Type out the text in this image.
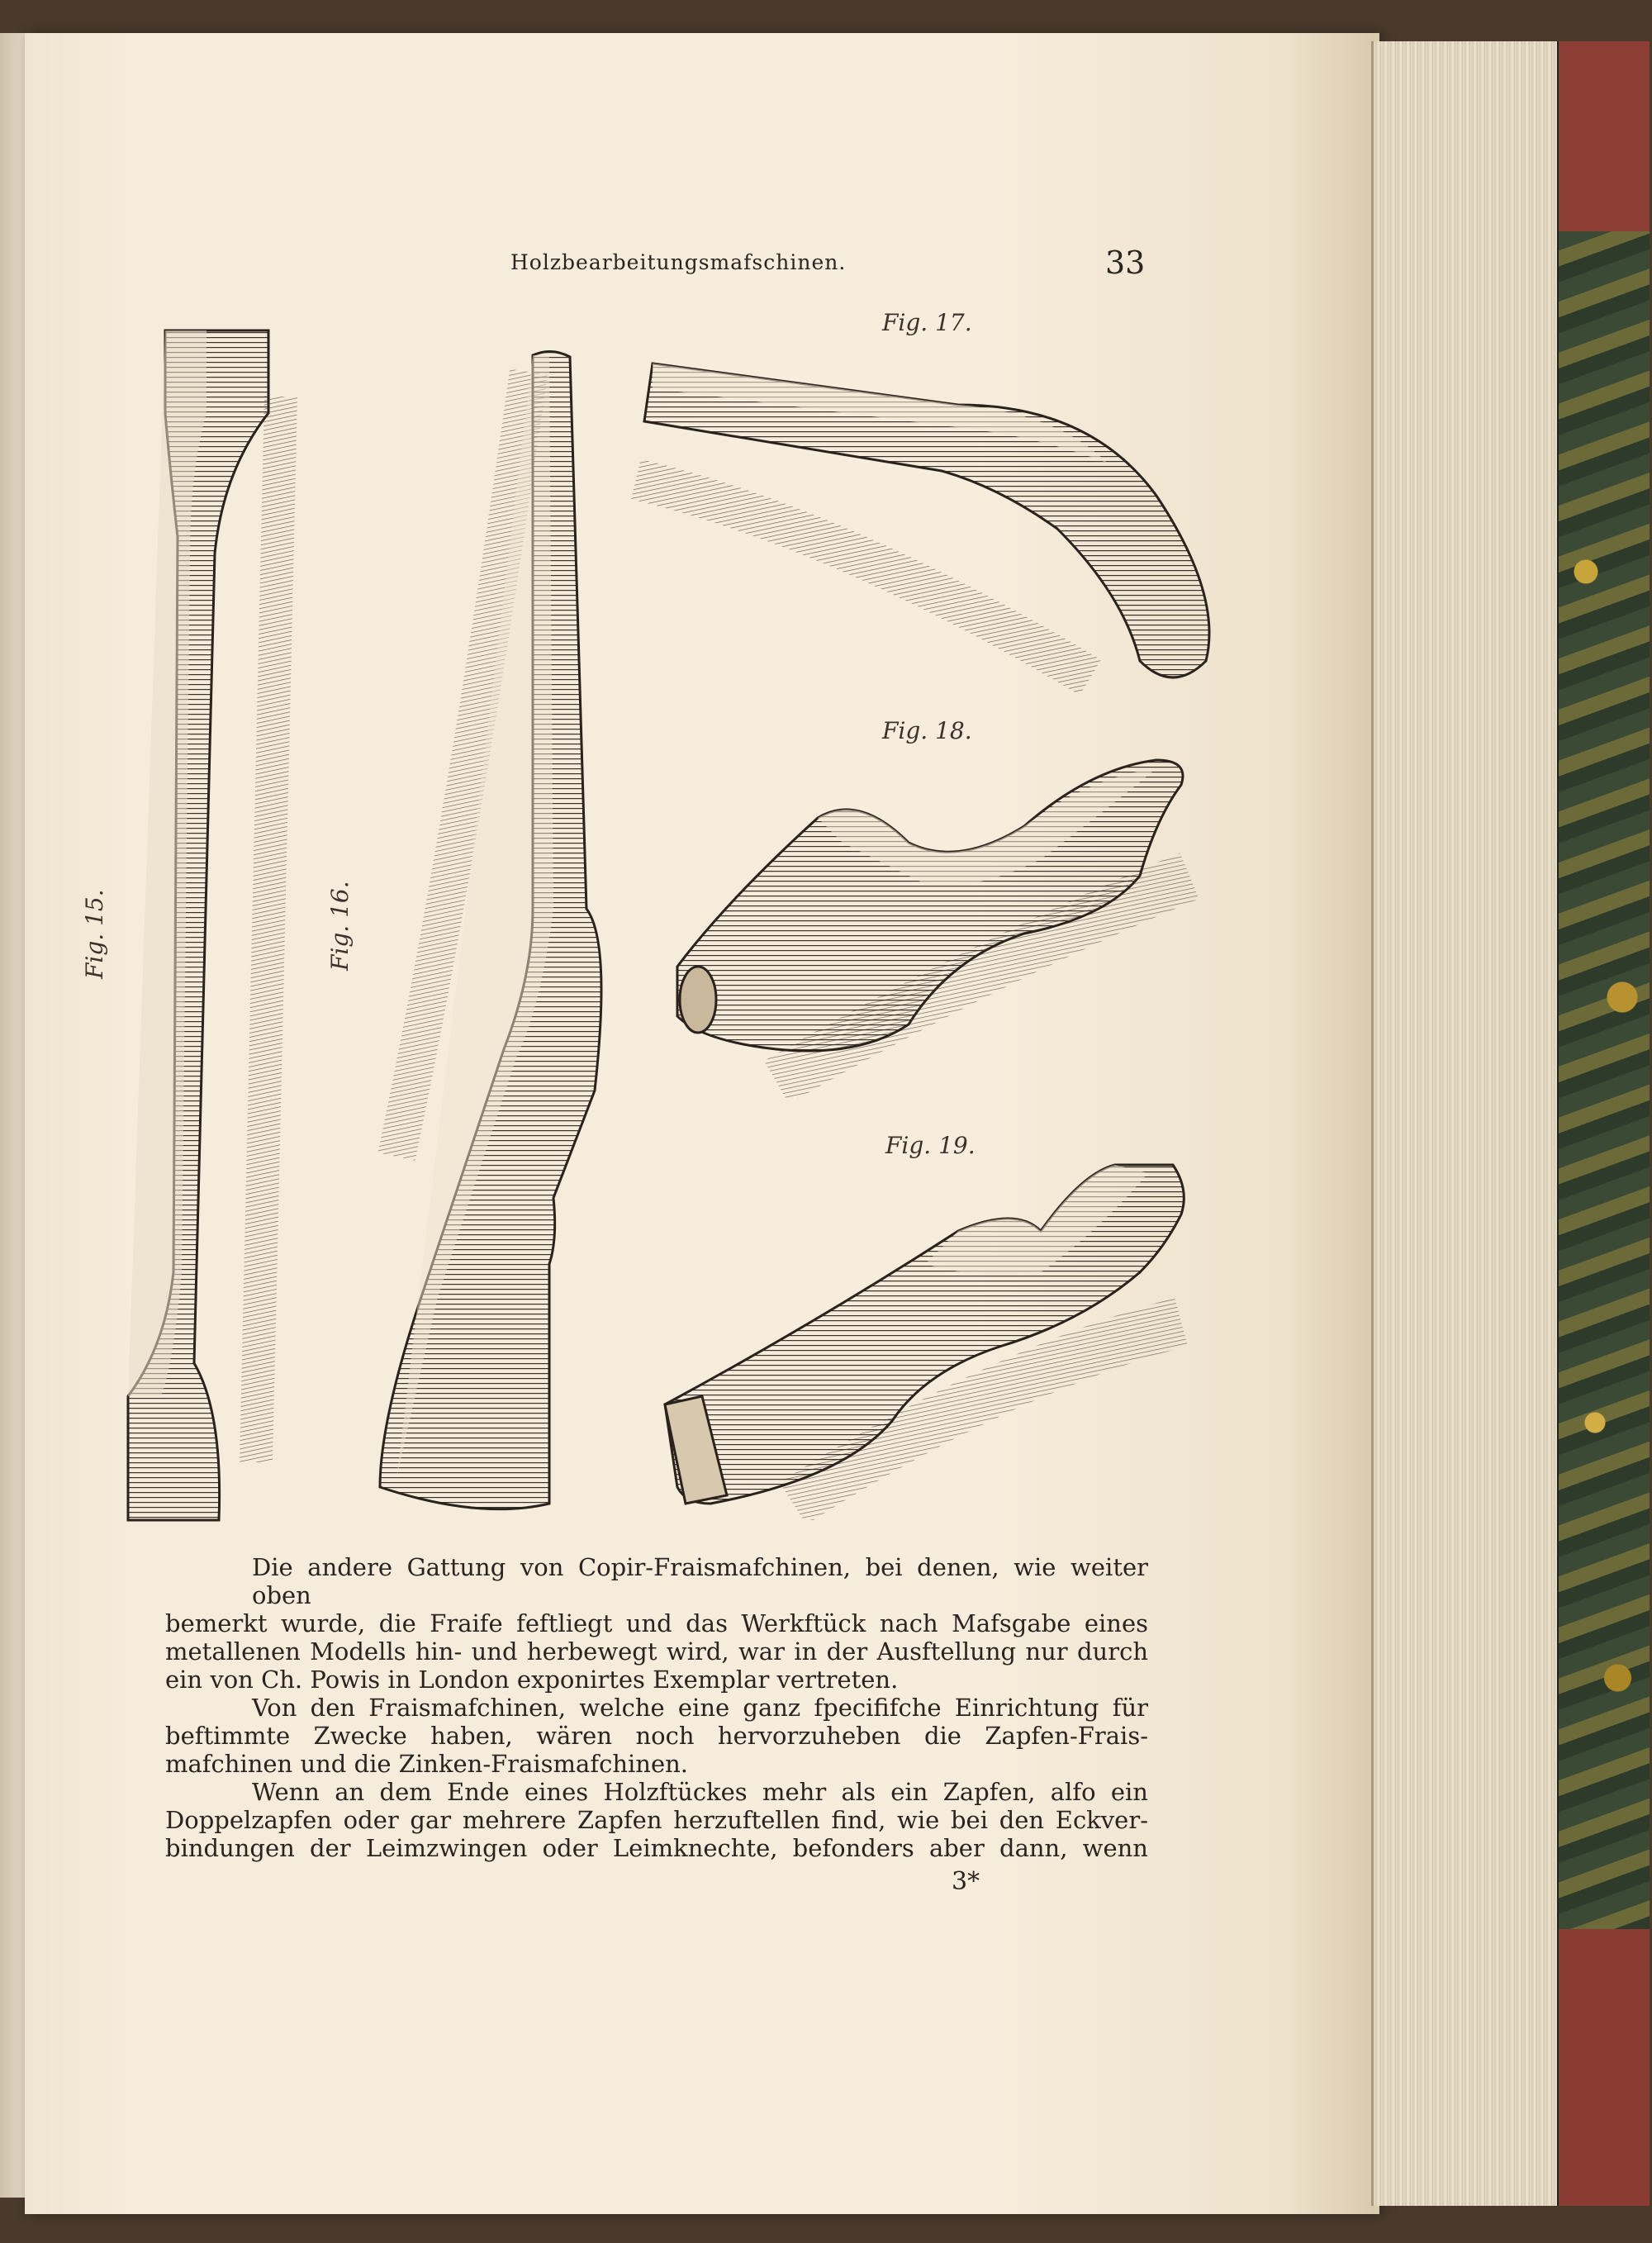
Holzbearbeitungsmafschinen.	33
Fig. 15.	Fig. 16.
Fig. 17.
Fig. 18.
Fig. 19.
Die andere Gattung von Copir-Fraismafchinen, bei denen, wie weiter oben
bemerkt wurde, die Fraife feftliegt und das Werkftück nach Mafsgabe eines
metallenen Modells hin- und herbewegt wird, war in der Ausftellung nur durch
ein von Ch. Powis in London exponirtes Exemplar vertreten.
Von den Fraismafchinen, welche eine ganz fpecififche Einrichtung für
beftimmte Zwecke haben, wären noch hervorzuheben die Zapfen-Frais-
mafchinen und die Zinken-Fraismafchinen.
Wenn an dem Ende eines Holzftückes mehr als ein Zapfen, alfo ein
Doppelzapfen oder gar mehrere Zapfen herzuftellen find, wie bei den Eckver-
bindungen der Leimzwingen oder Leimknechte, befonders aber dann, wenn
3*
